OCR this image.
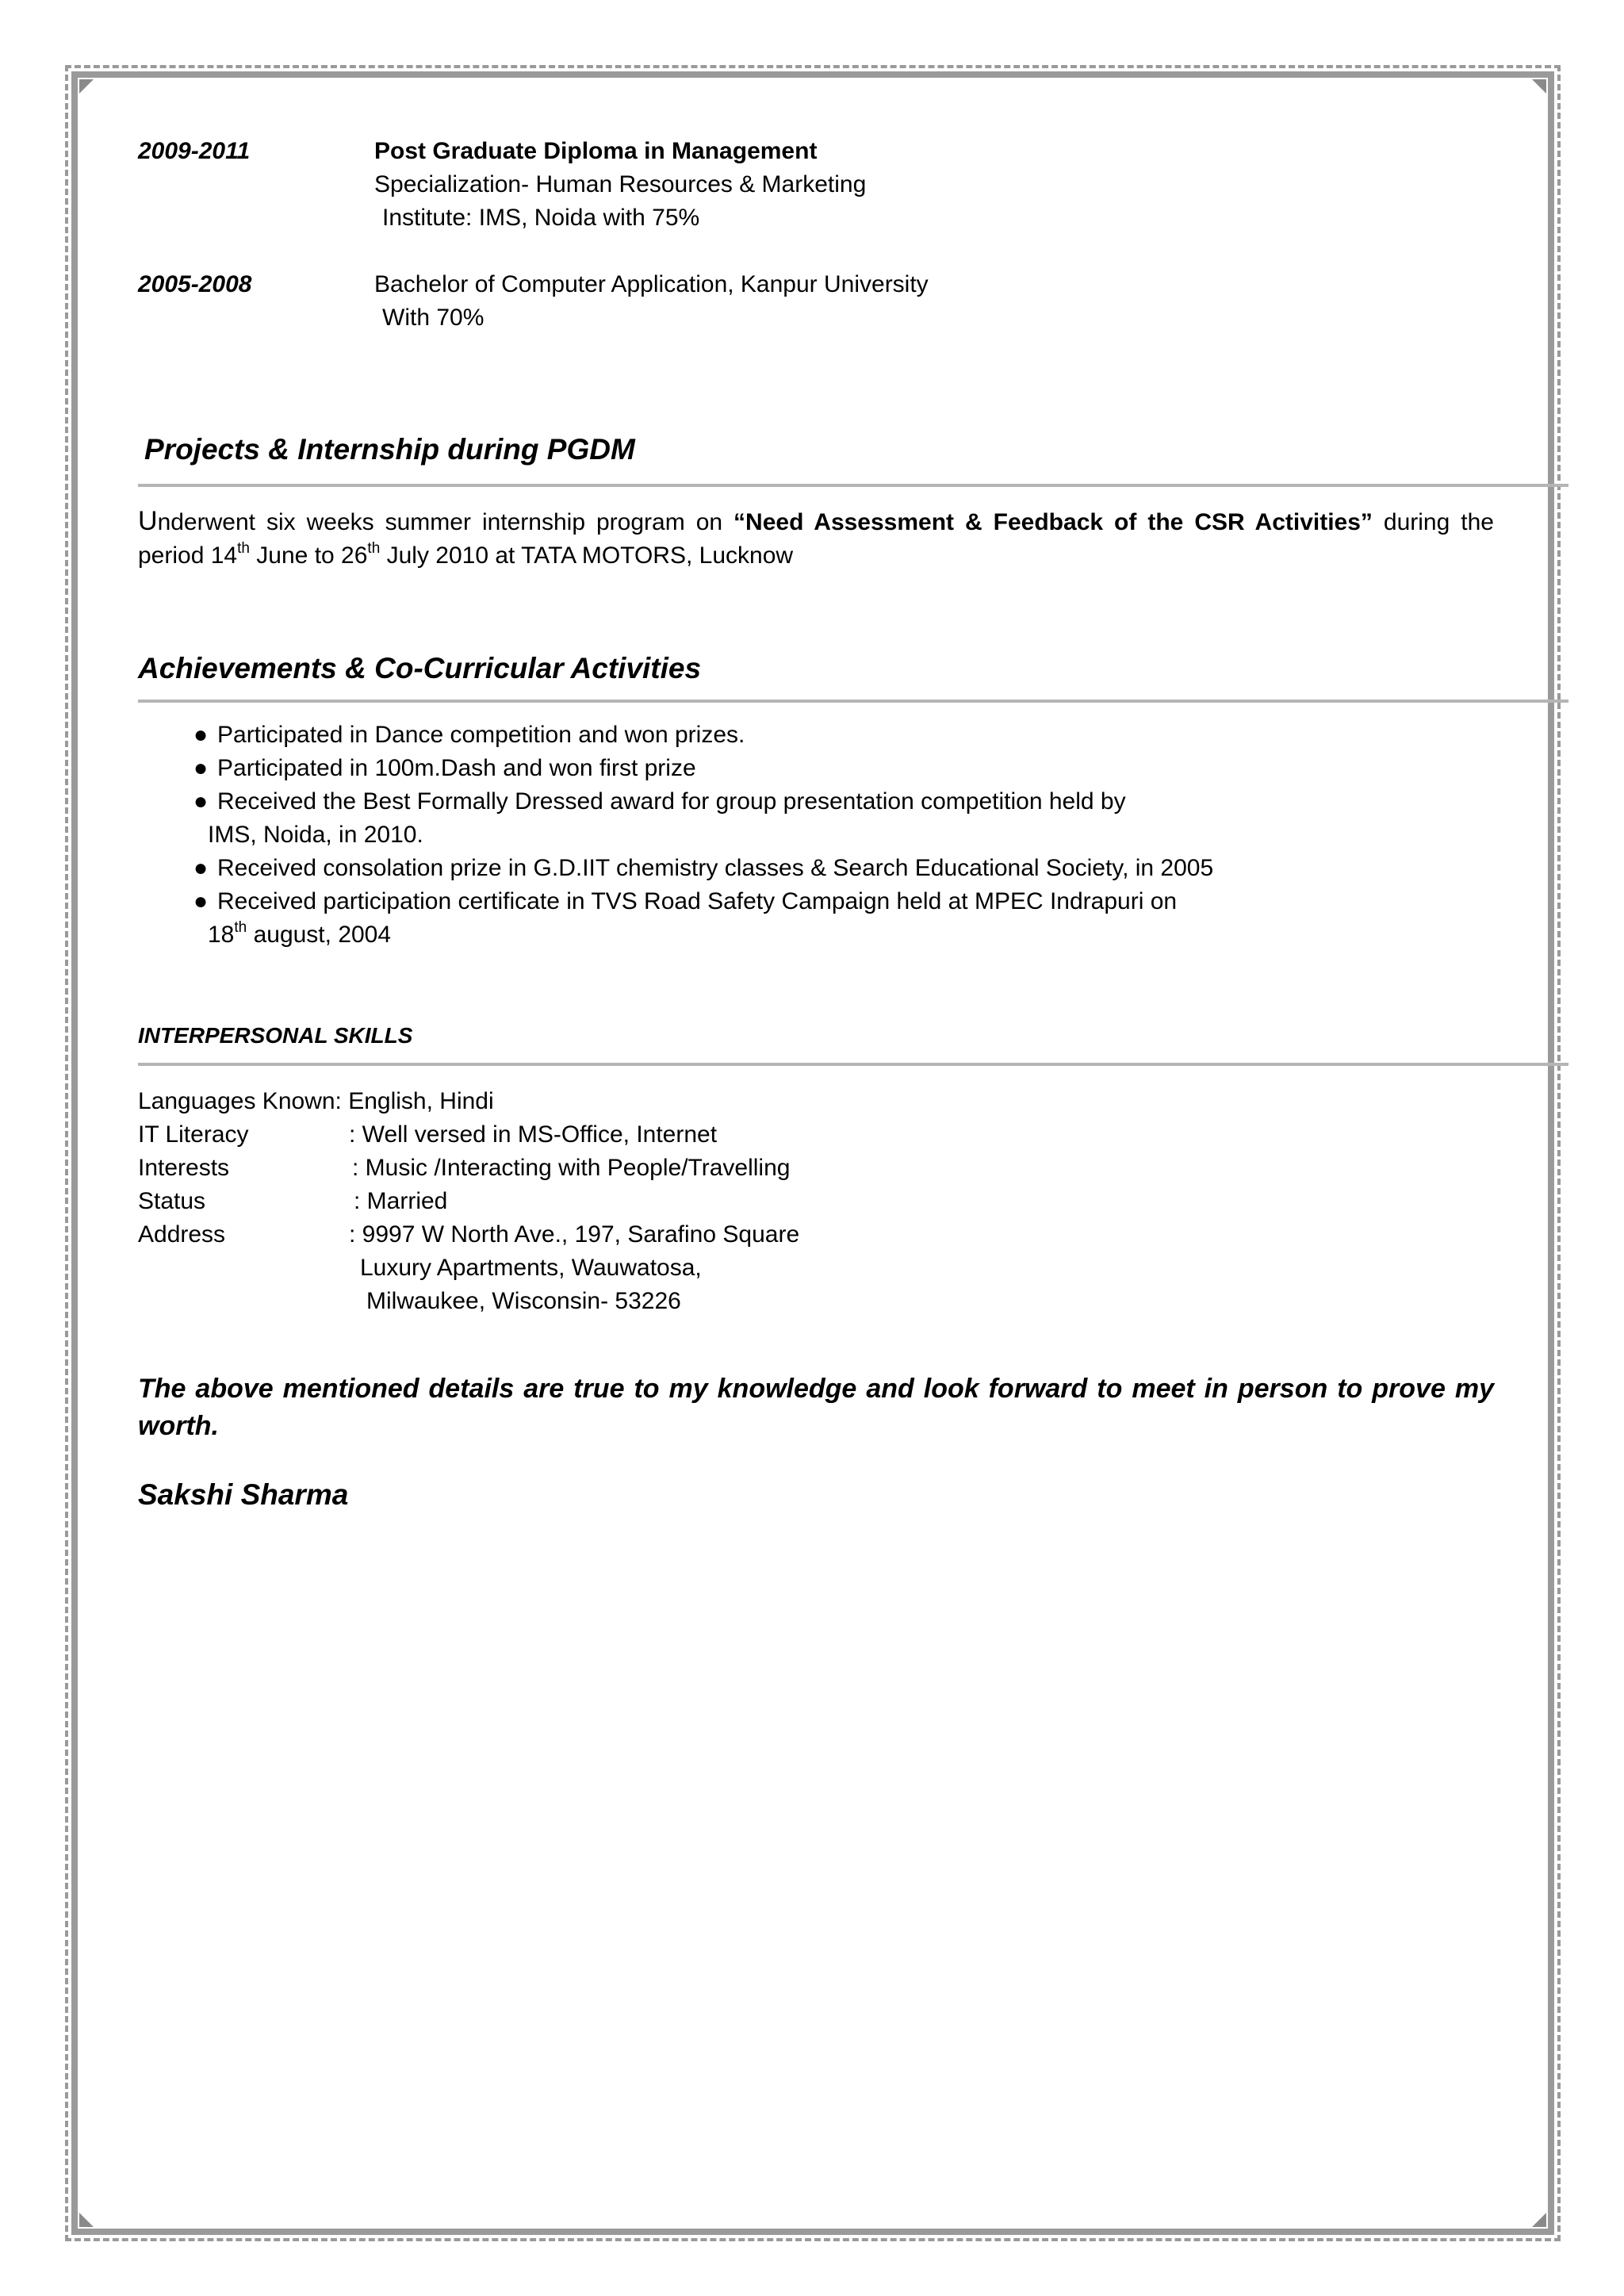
2009-2011	Post Graduate Diploma in Management
Specialization- Human Resources & Marketing
Institute: IMS, Noida with 75%
2005-2008	Bachelor of Computer Application, Kanpur University
With 70%
Projects & Internship during PGDM
Underwent six weeks summer internship program on “Need Assessment & Feedback of the CSR Activities” during the period 14th June to 26th July 2010 at TATA MOTORS, Lucknow
Achievements & Co-Curricular Activities
● Participated in Dance competition and won prizes.
● Participated in 100m.Dash and won first prize
● Received the Best Formally Dressed award for group presentation competition held by
IMS, Noida, in 2010.
● Received consolation prize in G.D.IIT chemistry classes & Search Educational Society, in 2005
● Received participation certificate in TVS Road Safety Campaign held at MPEC Indrapuri on
18th august, 2004
INTERPERSONAL SKILLS
Languages Known: English, Hindi
IT Literacy	: Well versed in MS-Office, Internet
Interests	: Music /Interacting with People/Travelling
Status	: Married
Address	: 9997 W North Ave., 197, Sarafino Square
Luxury Apartments, Wauwatosa,
Milwaukee, Wisconsin- 53226
The above mentioned details are true to my knowledge and look forward to meet in person to prove my worth.
Sakshi Sharma
